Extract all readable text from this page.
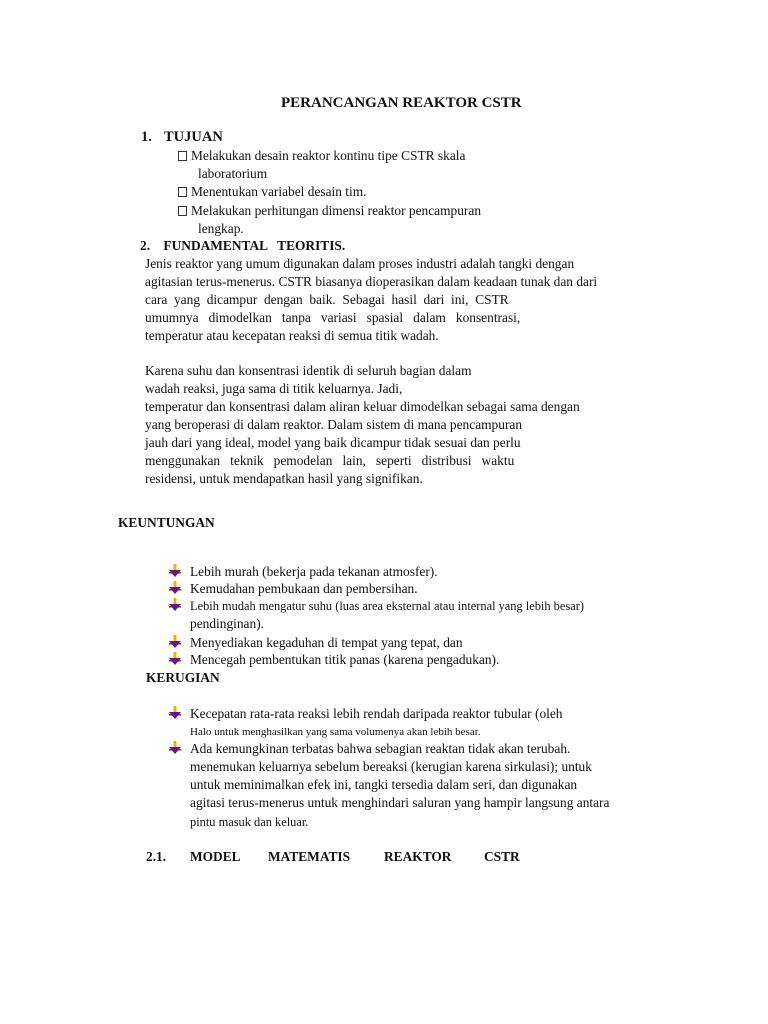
PERANCANGAN REAKTOR CSTR
1. TUJUAN
Melakukan desain reaktor kontinu tipe CSTR skala
laboratorium
Menentukan variabel desain tim.
Melakukan perhitungan dimensi reaktor pencampuran
lengkap.
2.    FUNDAMENTAL   TEORITIS.
Jenis reaktor yang umum digunakan dalam proses industri adalah tangki dengan
agitasian terus-menerus. CSTR biasanya dioperasikan dalam keadaan tunak dan dari
cara  yang  dicampur  dengan  baik.  Sebagai  hasil  dari  ini,  CSTR
umumnya   dimodelkan   tanpa   variasi   spasial   dalam   konsentrasi,
temperatur atau kecepatan reaksi di semua titik wadah.
Karena suhu dan konsentrasi identik di seluruh bagian dalam
wadah reaksi, juga sama di titik keluarnya. Jadi,
temperatur dan konsentrasi dalam aliran keluar dimodelkan sebagai sama dengan
yang beroperasi di dalam reaktor. Dalam sistem di mana pencampuran
jauh dari yang ideal, model yang baik dicampur tidak sesuai dan perlu
menggunakan   teknik   pemodelan   lain,   seperti   distribusi   waktu
residensi, untuk mendapatkan hasil yang signifikan.
KEUNTUNGAN
Lebih murah (bekerja pada tekanan atmosfer).
Kemudahan pembukaan dan pembersihan.
Lebih mudah mengatur suhu (luas area eksternal atau internal yang lebih besar)
pendinginan).
Menyediakan kegaduhan di tempat yang tepat, dan
Mencegah pembentukan titik panas (karena pengadukan).
KERUGIAN
Kecepatan rata-rata reaksi lebih rendah daripada reaktor tubular (oleh
Halo untuk menghasilkan yang sama volumenya akan lebih besar.
Ada kemungkinan terbatas bahwa sebagian reaktan tidak akan terubah.
menemukan keluarnya sebelum bereaksi (kerugian karena sirkulasi); untuk
untuk meminimalkan efek ini, tangki tersedia dalam seri, dan digunakan
agitasi terus-menerus untuk menghindari saluran yang hampir langsung antara
pintu masuk dan keluar.
2.1. MODEL MATEMATIS	REAKTOR CSTR
